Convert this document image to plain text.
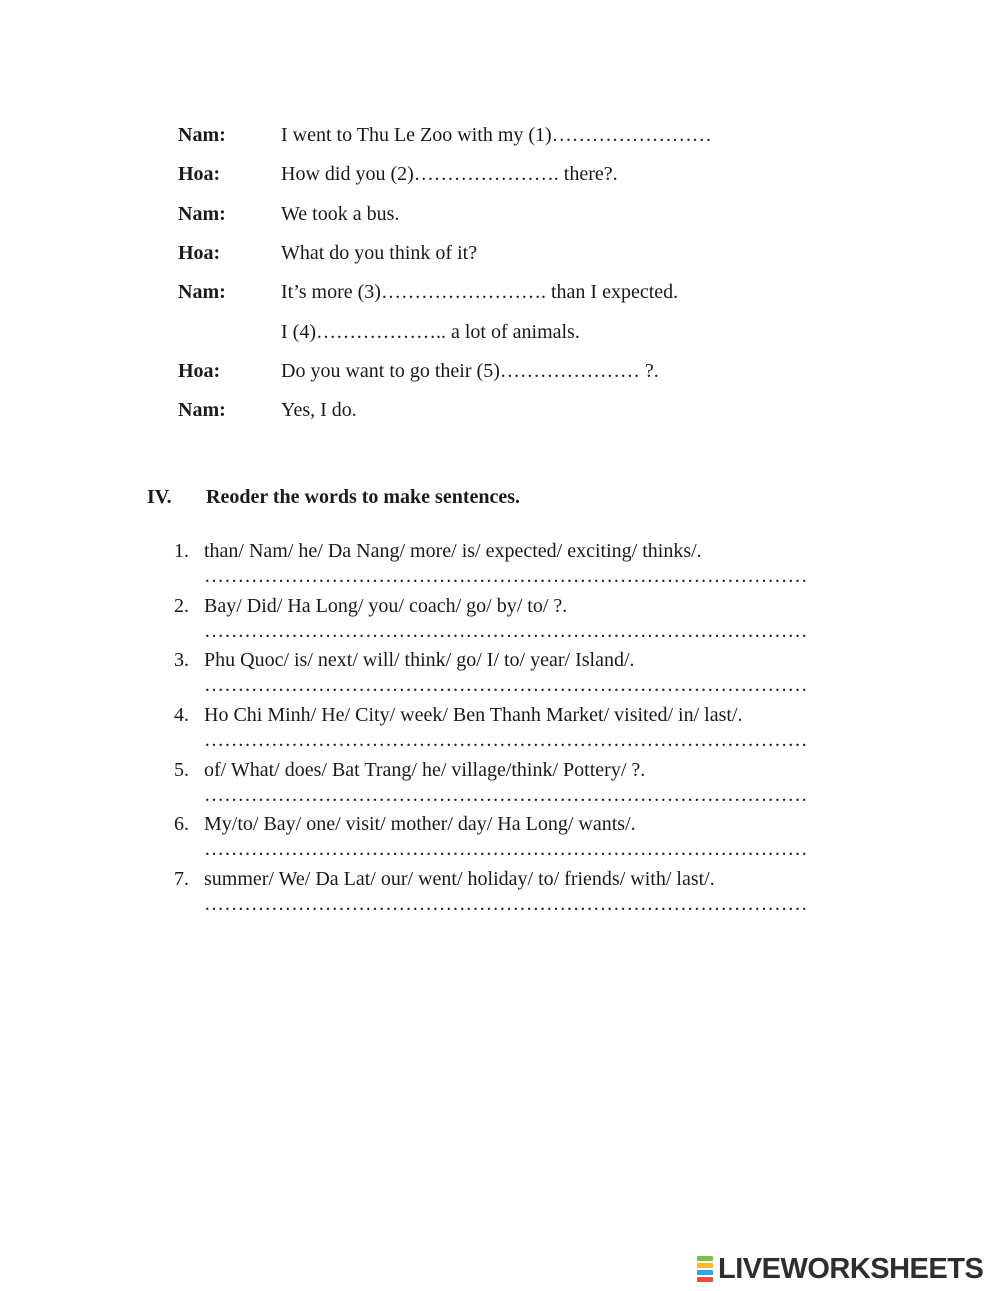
Nam:	I went to Thu Le Zoo with my (1)……………………
Hoa:	How did you (2)…………………. there?.
Nam:	We took a bus.
Hoa:	What do you think of it?
Nam:	It’s more (3)……………………. than I expected.
I (4)……………….. a lot of animals.
Hoa:	Do you want to go their (5)………………… ?.
Nam:	Yes, I do.
IV.	Reoder the words to make sentences.
1. than/ Nam/ he/ Da Nang/ more/ is/ expected/ exciting/ thinks/.
………………………………………………………………………………
2. Bay/ Did/ Ha Long/ you/ coach/ go/ by/ to/ ?.
………………………………………………………………………………
3. Phu Quoc/ is/ next/ will/ think/ go/ I/ to/ year/ Island/.
………………………………………………………………………………
4. Ho Chi Minh/ He/ City/ week/ Ben Thanh Market/ visited/ in/ last/.
………………………………………………………………………………
5. of/ What/ does/ Bat Trang/ he/ village/think/ Pottery/ ?.
………………………………………………………………………………
6. My/to/ Bay/ one/ visit/ mother/ day/ Ha Long/ wants/.
………………………………………………………………………………
7. summer/ We/ Da Lat/ our/ went/ holiday/ to/ friends/ with/ last/.
………………………………………………………………………………
LIVEWORKSHEETS
